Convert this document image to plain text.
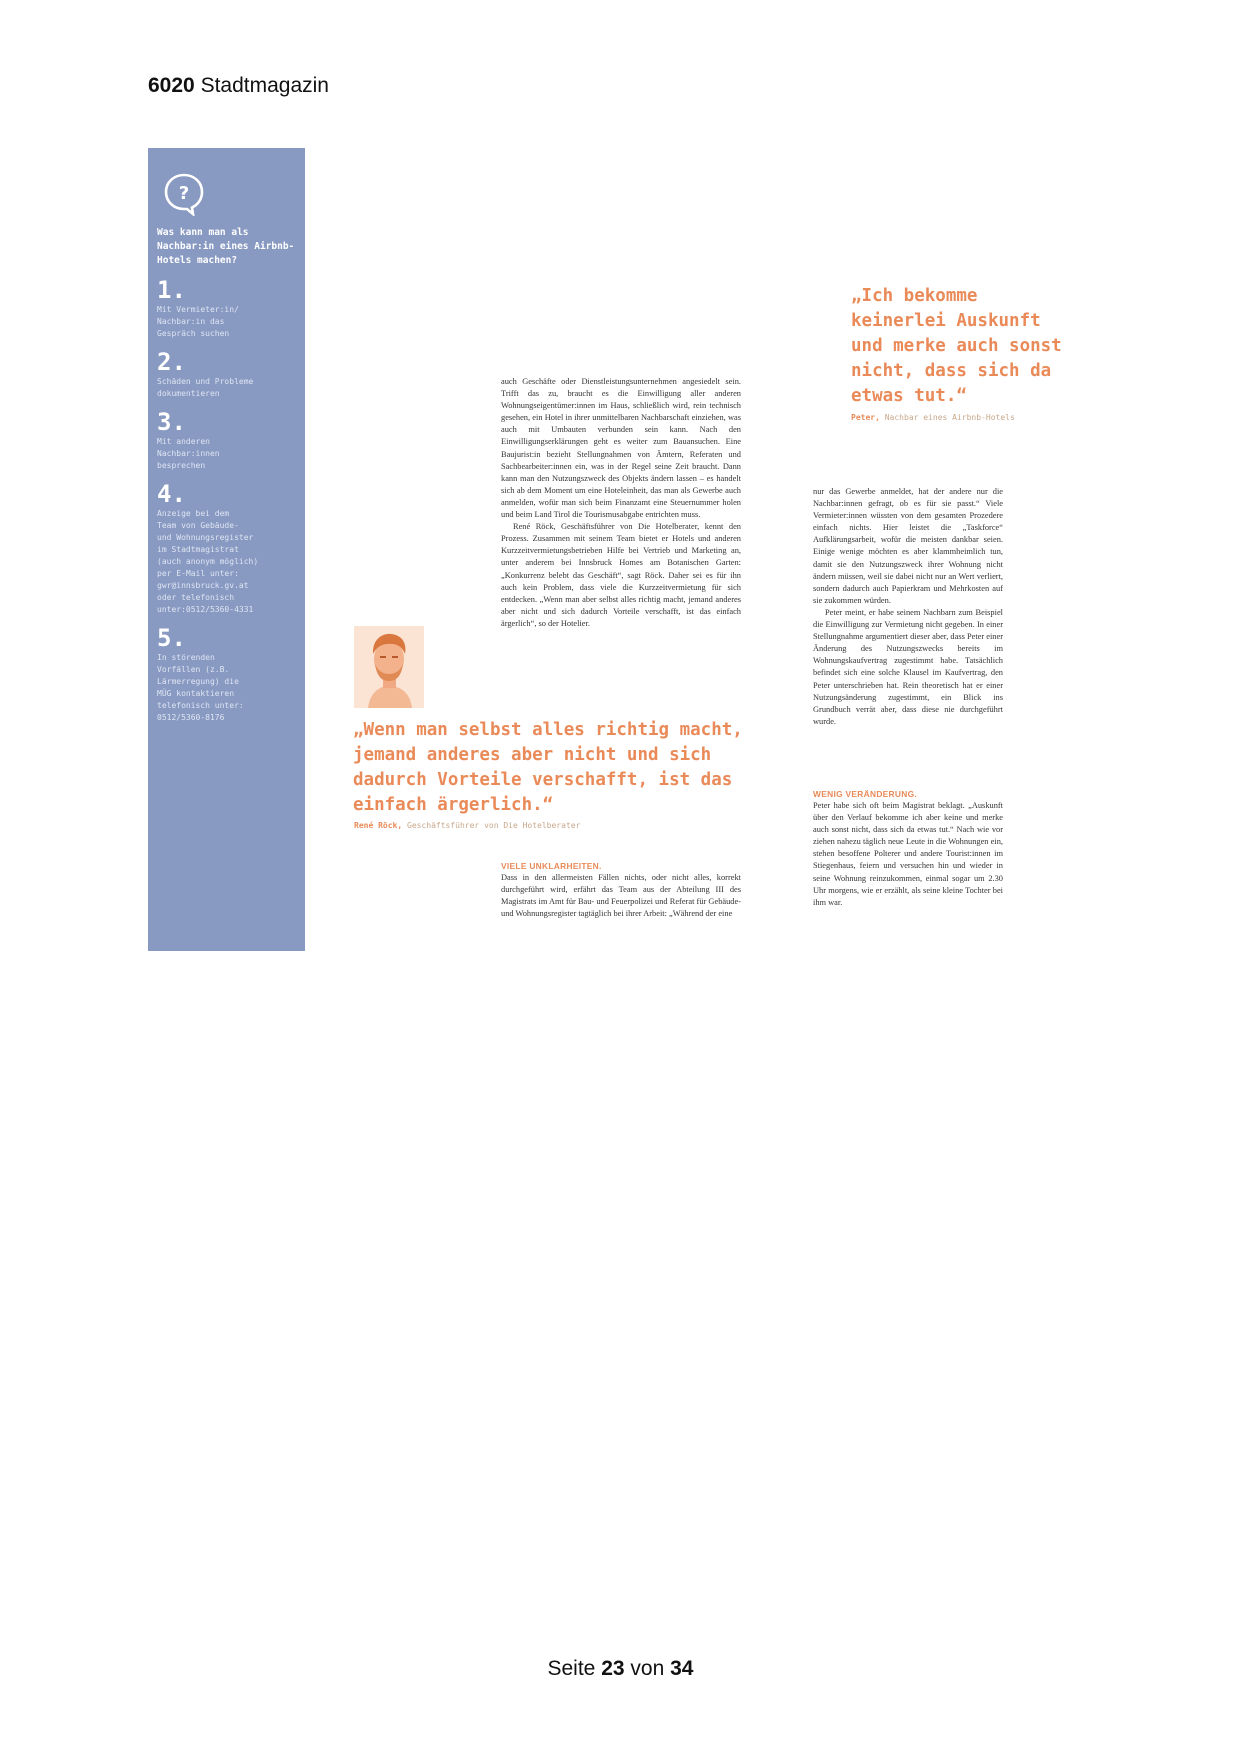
6020 Stadtmagazin
?
Was kann man als Nachbar:in eines Airbnb-Hotels machen?
1.
Mit Vermieter:in/
Nachbar:in das
Gespräch suchen
2.
Schäden und Probleme
dokumentieren
3.
Mit anderen
Nachbar:innen
besprechen
4.
Anzeige bei dem
Team von Gebäude-
und Wohnungsregister
im Stadtmagistrat
(auch anonym möglich)
per E-Mail unter:
gwr@innsbruck.gv.at
oder telefonisch
unter:0512/5360-4331
5.
In störenden
Vorfällen (z.B.
Lärmerregung) die
MÜG kontaktieren
telefonisch unter:
0512/5360-8176
„Ich bekomme keinerlei Auskunft und merke auch sonst nicht, dass sich da etwas tut.“
Peter, Nachbar eines Airbnb-Hotels

auch Geschäfte oder Dienstleistungsunternehmen angesiedelt sein. Trifft das zu, braucht es die Einwilligung aller anderen Wohnungseigentümer:innen im Haus, schließlich wird, rein technisch gesehen, ein Hotel in ihrer unmittelbaren Nachbarschaft einziehen, was auch mit Umbauten verbunden sein kann. Nach den Einwilligungserklärungen geht es weiter zum Bauansuchen. Eine Baujurist:in bezieht Stellungnahmen von Ämtern, Referaten und Sachbearbeiter:innen ein, was in der Regel seine Zeit braucht. Dann kann man den Nutzungszweck des Objekts ändern lassen – es handelt sich ab dem Moment um eine Hoteleinheit, das man als Gewerbe auch anmelden, wofür man sich beim Finanzamt eine Steuernummer holen und beim Land Tirol die Tourismusabgabe entrichten muss.

René Röck, Geschäftsführer von Die Hotelberater, kennt den Prozess. Zusammen mit seinem Team bietet er Hotels und anderen Kurzzeitvermietungsbetrieben Hilfe bei Vertrieb und Marketing an, unter anderem bei Innsbruck Homes am Botanischen Garten: „Konkurrenz belebt das Geschäft“, sagt Röck. Daher sei es für ihn auch kein Problem, dass viele die Kurzzeitvermietung für sich entdecken. „Wenn man aber selbst alles richtig macht, jemand anderes aber nicht und sich dadurch Vorteile verschafft, ist das einfach ärgerlich“, so der Hotelier.

„Wenn man selbst alles richtig macht, jemand anderes aber nicht und sich dadurch Vorteile verschafft, ist das einfach ärgerlich.“
René Röck, Geschäftsführer von Die Hotelberater

VIELE UNKLARHEITEN.

Dass in den allermeisten Fällen nichts, oder nicht alles, korrekt durchgeführt wird, erfährt das Team aus der Abteilung III des Magistrats im Amt für Bau- und Feuerpolizei und Referat für Gebäude- und Wohnungsregister tagtäglich bei ihrer Arbeit: „Während der eine

nur das Gewerbe anmeldet, hat der andere nur die Nachbar:innen gefragt, ob es für sie passt.“ Viele Vermieter:innen wüssten von dem gesamten Prozedere einfach nichts. Hier leistet die „Taskforce“ Aufklärungsarbeit, wofür die meisten dankbar seien. Einige wenige möchten es aber klammheimlich tun, damit sie den Nutzungszweck ihrer Wohnung nicht ändern müssen, weil sie dabei nicht nur an Wert verliert, sondern dadurch auch Papierkram und Mehrkosten auf sie zukommen würden.

Peter meint, er habe seinem Nachbarn zum Beispiel die Einwilligung zur Vermietung nicht gegeben. In einer Stellungnahme argumentiert dieser aber, dass Peter einer Änderung des Nutzungszwecks bereits im Wohnungskaufvertrag zugestimmt habe. Tatsächlich befindet sich eine solche Klausel im Kaufvertrag, den Peter unterschrieben hat. Rein theoretisch hat er einer Nutzungsänderung zugestimmt, ein Blick ins Grundbuch verrät aber, dass diese nie durchgeführt wurde.

WENIG VERÄNDERUNG.

Peter habe sich oft beim Magistrat beklagt. „Auskunft über den Verlauf bekomme ich aber keine und merke auch sonst nicht, dass sich da etwas tut.“ Nach wie vor ziehen nahezu täglich neue Leute in die Wohnungen ein, stehen besoffene Polterer und andere Tourist:innen im Stiegenhaus, feiern und versuchen hin und wieder in seine Wohnung reinzukommen, einmal sogar um 2.30 Uhr morgens, wie er erzählt, als seine kleine Tochter bei ihm war.

Seite 23 von 34
